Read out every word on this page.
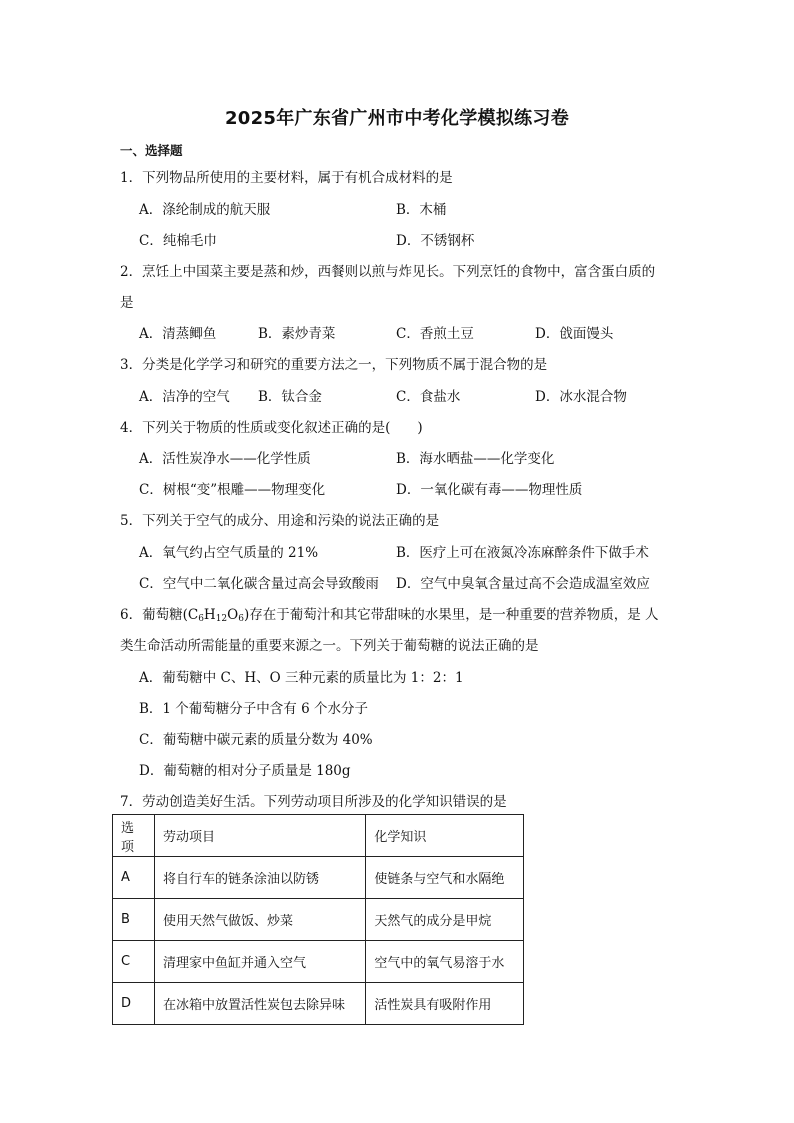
2025年广东省广州市中考化学模拟练习卷
一、选择题
1．下列物品所使用的主要材料，属于有机合成材料的是
A．涤纶制成的航天服	B．木桶
C．纯棉毛巾	D．不锈钢杯
2．烹饪上中国菜主要是蒸和炒，西餐则以煎与炸见长。下列烹饪的食物中，富含蛋白质的
是
A．清蒸鲫鱼	B．素炒青菜	C．香煎土豆	D．戗面馒头
3．分类是化学学习和研究的重要方法之一，下列物质不属于混合物的是
A．洁净的空气 B．钛合金	C．食盐水	D．冰水混合物
4．下列关于物质的性质或变化叙述正确的是(　　)
A．活性炭净水——化学性质	B．海水晒盐——化学变化
C．树根“变”根雕——物理变化	D．一氧化碳有毒——物理性质
5．下列关于空气的成分、用途和污染的说法正确的是
A．氧气约占空气质量的 21%	B．医疗上可在液氮冷冻麻醉条件下做手术
C．空气中二氧化碳含量过高会导致酸雨 D．空气中臭氧含量过高不会造成温室效应
6．葡萄糖$(C_6H_{12}O_6)$存在于葡萄汁和其它带甜味的水果里，是一种重要的营养物质，是 人
类生命活动所需能量的重要来源之一。下列关于葡萄糖的说法正确的是
A．葡萄糖中 C、H、O 三种元素的质量比为 1：2：1
B．1 个葡萄糖分子中含有 6 个水分子
C．葡萄糖中碳元素的质量分数为 40%
D．葡萄糖的相对分子质量是 180g
7．劳动创造美好生活。下列劳动项目所涉及的化学知识错误的是
选项	劳动项目	化学知识
A	将自行车的链条涂油以防锈	使链条与空气和水隔绝
B	使用天然气做饭、炒菜	天然气的成分是甲烷
C	清理家中鱼缸并通入空气	空气中的氧气易溶于水
D	在冰箱中放置活性炭包去除异味	活性炭具有吸附作用
